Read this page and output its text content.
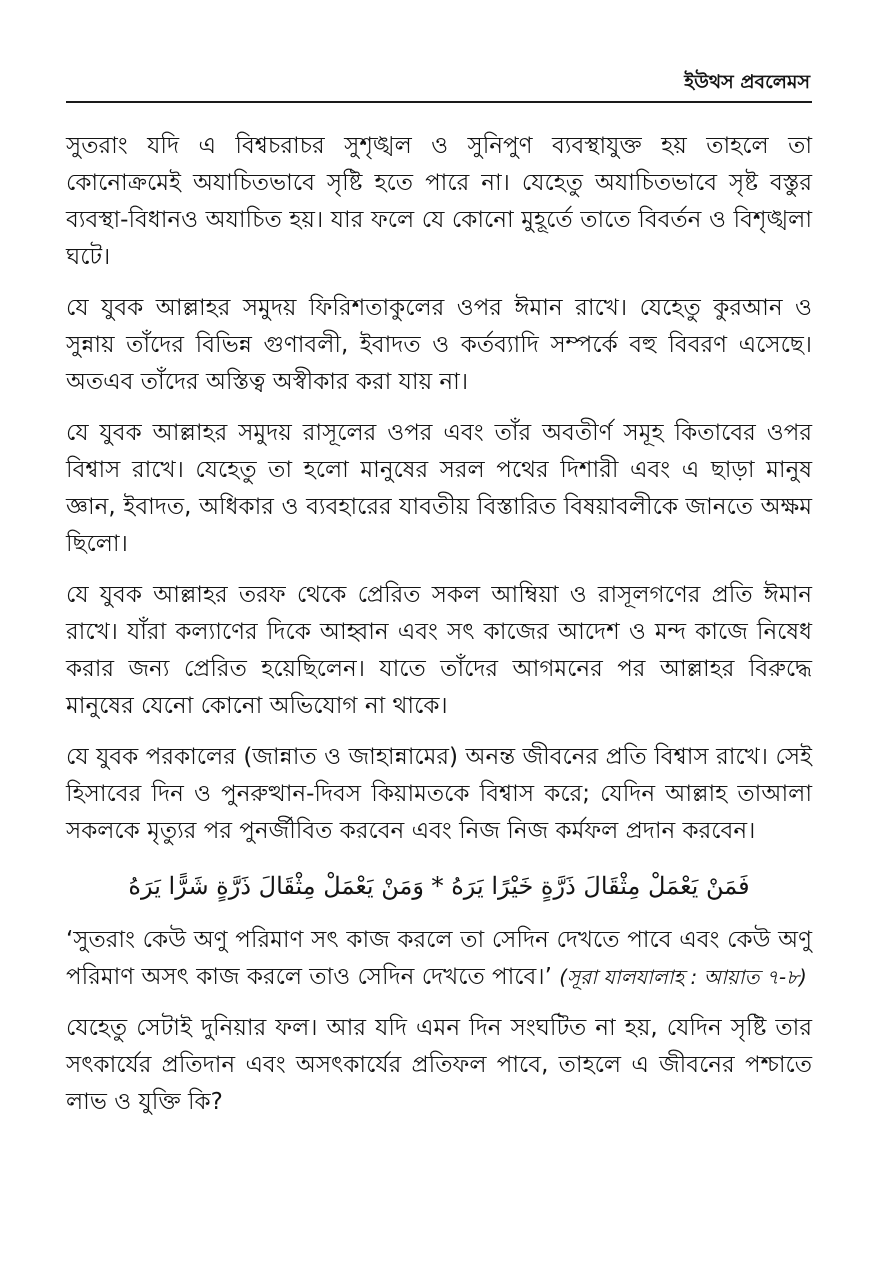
ইউথস প্রবলেমস

সুতরাং যদি এ বিশ্বচরাচর সুশৃঙ্খল ও সুনিপুণ ব্যবস্থাযুক্ত হয় তাহলে তা কোনোক্রমেই অযাচিতভাবে সৃষ্টি হতে পারে না। যেহেতু অযাচিতভাবে সৃষ্ট বস্তুর ব্যবস্থা-বিধানও অযাচিত হয়। যার ফলে যে কোনো মুহূর্তে তাতে বিবর্তন ও বিশৃঙ্খলা ঘটে।

যে যুবক আল্লাহর সমুদয় ফিরিশতাকুলের ওপর ঈমান রাখে। যেহেতু কুরআন ও সুন্নায় তাঁদের বিভিন্ন গুণাবলী, ইবাদত ও কর্তব্যাদি সম্পর্কে বহু বিবরণ এসেছে। অতএব তাঁদের অস্তিত্ব অস্বীকার করা যায় না।

যে যুবক আল্লাহর সমুদয় রাসূলের ওপর এবং তাঁর অবতীর্ণ সমূহ কিতাবের ওপর বিশ্বাস রাখে। যেহেতু তা হলো মানুষের সরল পথের দিশারী এবং এ ছাড়া মানুষ জ্ঞান, ইবাদত, অধিকার ও ব্যবহারের যাবতীয় বিস্তারিত বিষয়াবলীকে জানতে অক্ষম ছিলো।

যে যুবক আল্লাহর তরফ থেকে প্রেরিত সকল আম্বিয়া ও রাসূলগণের প্রতি ঈমান রাখে। যাঁরা কল্যাণের দিকে আহ্বান এবং সৎ কাজের আদেশ ও মন্দ কাজে নিষেধ করার জন্য প্রেরিত হয়েছিলেন। যাতে তাঁদের আগমনের পর আল্লাহর বিরুদ্ধে মানুষের যেনো কোনো অভিযোগ না থাকে।

যে যুবক পরকালের (জান্নাত ও জাহান্নামের) অনন্ত জীবনের প্রতি বিশ্বাস রাখে। সেই হিসাবের দিন ও পুনরুত্থান-দিবস কিয়ামতকে বিশ্বাস করে; যেদিন আল্লাহ তাআলা সকলকে মৃত্যুর পর পুনর্জীবিত করবেন এবং নিজ নিজ কর্মফল প্রদান করবেন।

فَمَنْ يَعْمَلْ مِثْقَالَ ذَرَّةٍ خَيْرًا يَرَهُ * وَمَنْ يَعْمَلْ مِثْقَالَ ذَرَّةٍ شَرًّا يَرَهُ

‘সুতরাং কেউ অণু পরিমাণ সৎ কাজ করলে তা সেদিন দেখতে পাবে এবং কেউ অণু পরিমাণ অসৎ কাজ করলে তাও সেদিন দেখতে পাবে।’ (সূরা যালযালাহ : আয়াত ৭-৮)

যেহেতু সেটাই দুনিয়ার ফল। আর যদি এমন দিন সংঘটিত না হয়, যেদিন সৃষ্টি তার সৎকার্যের প্রতিদান এবং অসৎকার্যের প্রতিফল পাবে, তাহলে এ জীবনের পশ্চাতে লাভ ও যুক্তি কি?
